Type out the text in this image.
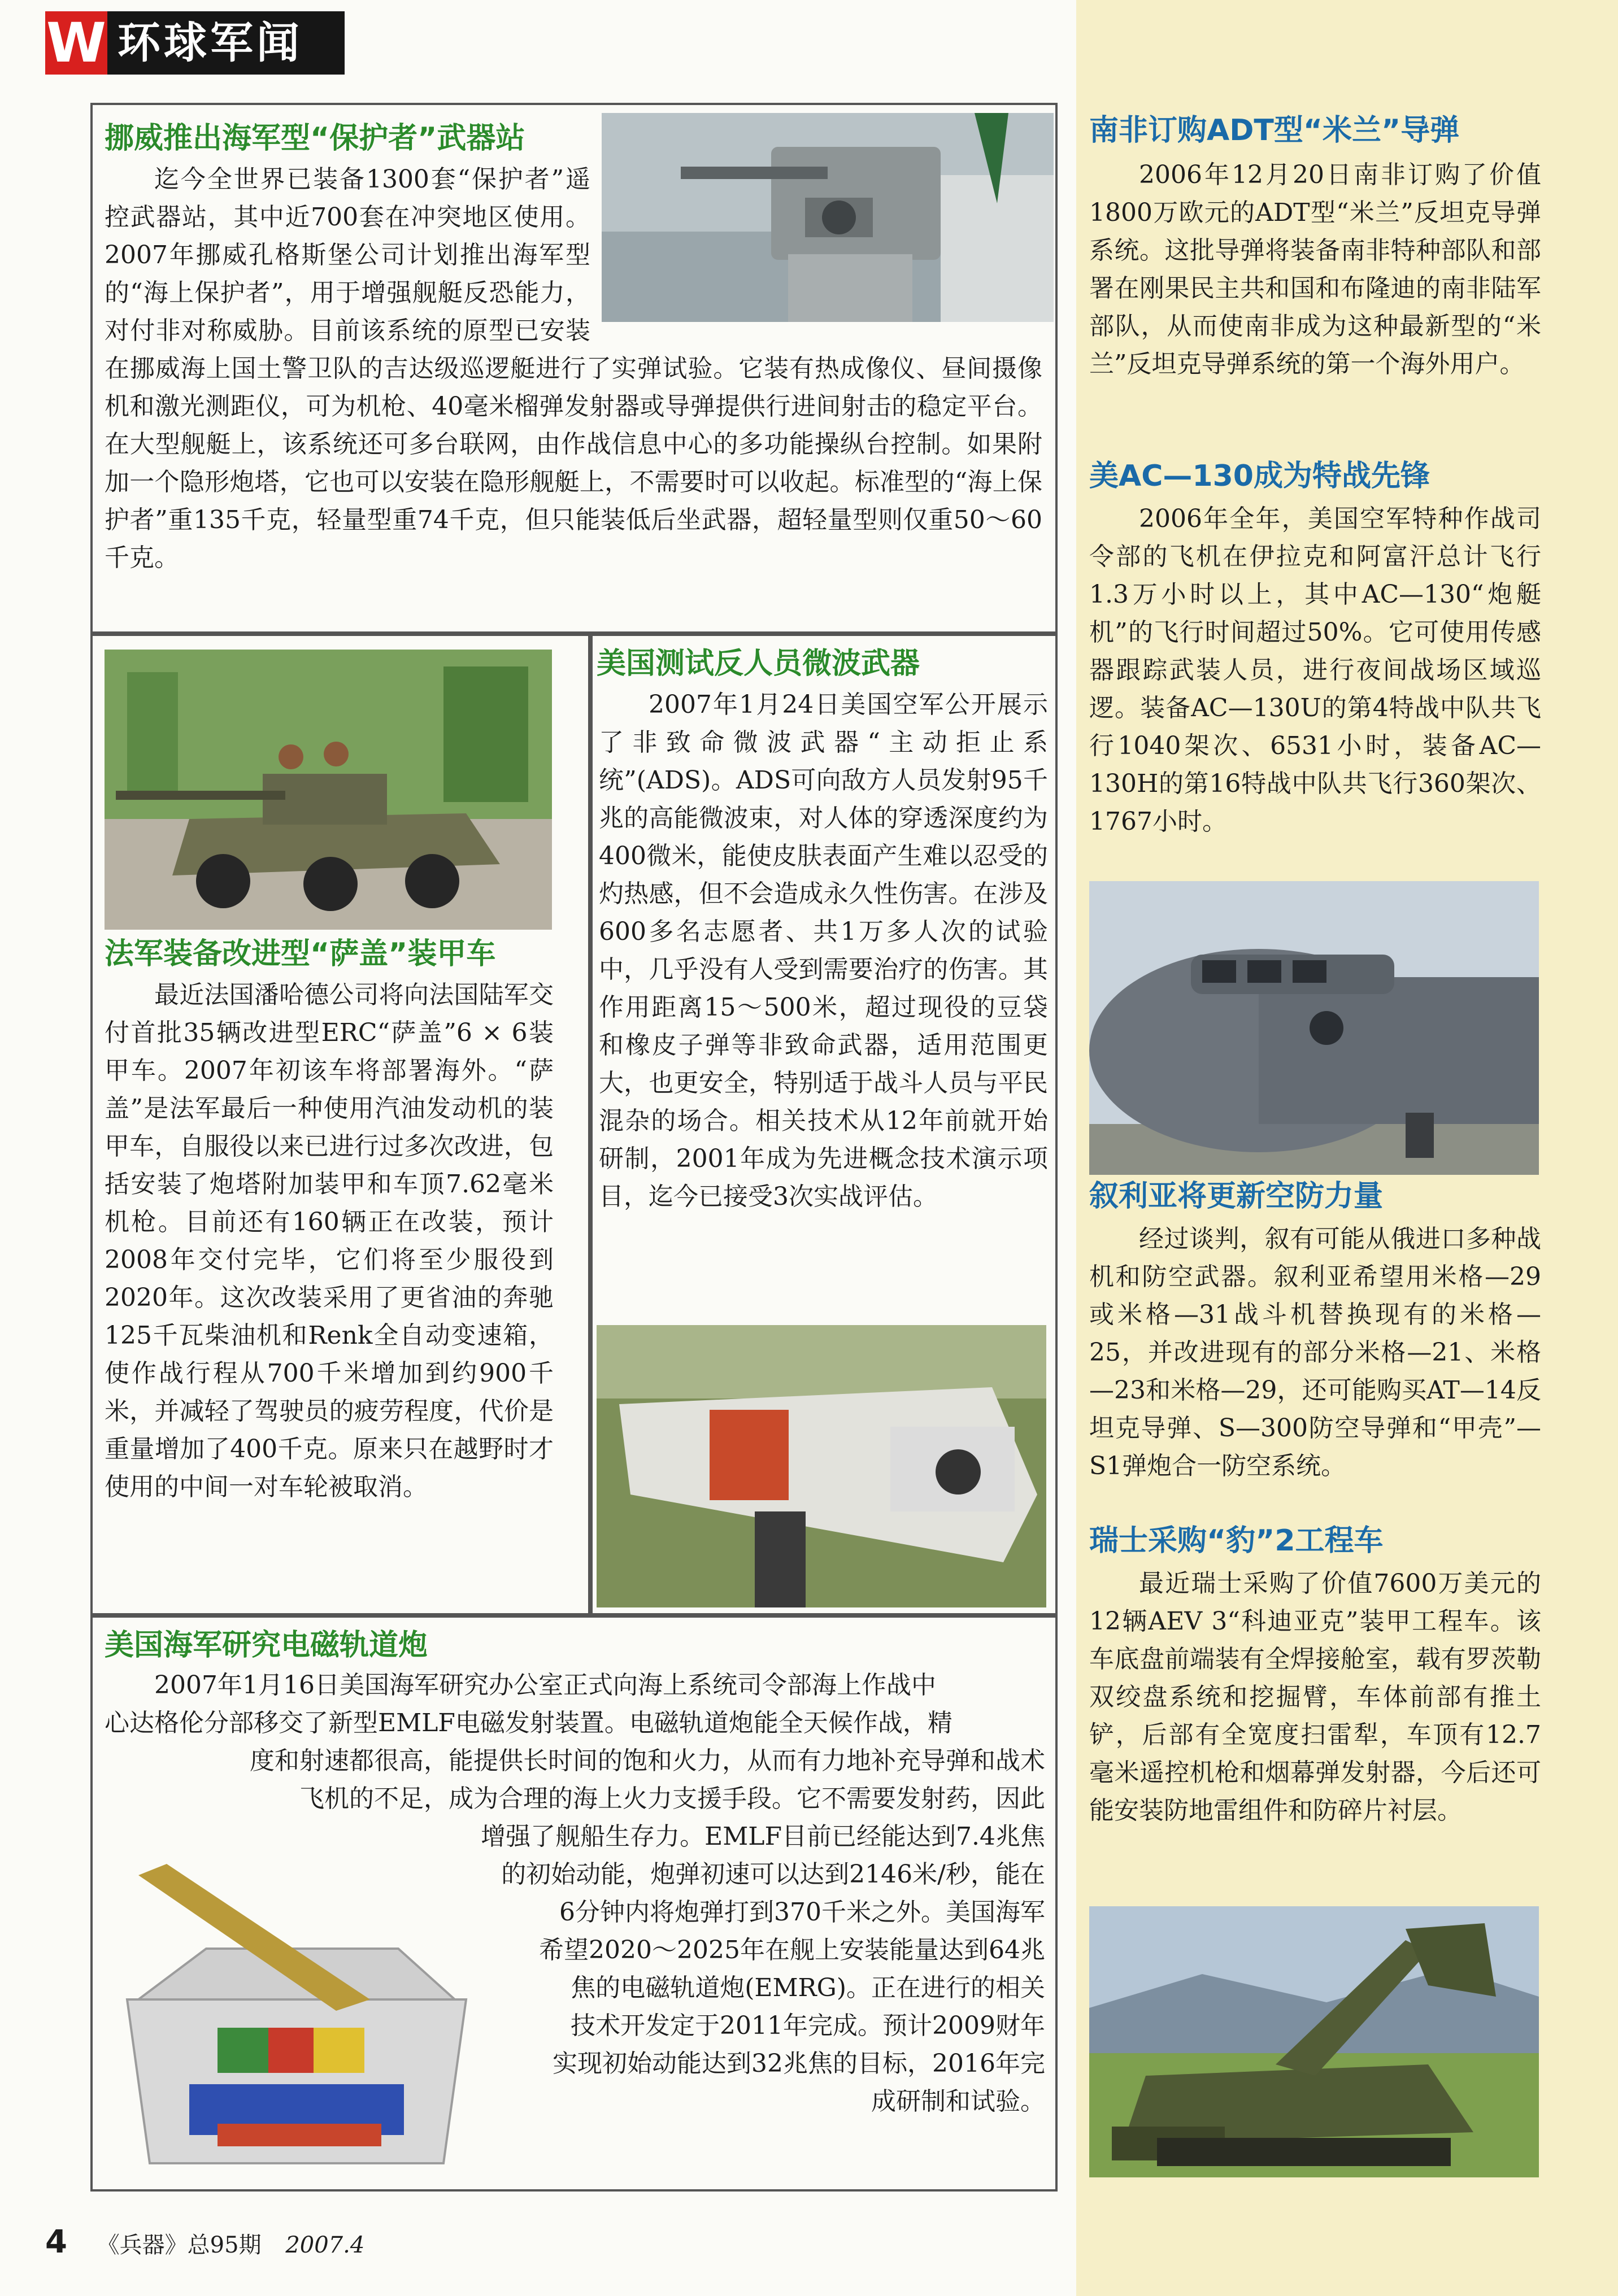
W 环球军闻
挪威推出海军型“保护者”武器站

迄今全世界已装备1300套“保护者”遥控武器站，其中近700套在冲突地区使用。2007年挪威孔格斯堡公司计划推出海军型的“海上保护者”，用于增强舰艇反恐能力，对付非对称威胁。目前该系统的原型已安装在挪威海上国土警卫队的吉达级巡逻艇进行了实弹试验。它装有热成像仪、昼间摄像机和激光测距仪，可为机枪、40毫米榴弹发射器或导弹提供行进间射击的稳定平台。在大型舰艇上，该系统还可多台联网，由作战信息中心的多功能操纵台控制。如果附加一个隐形炮塔，它也可以安装在隐形舰艇上，不需要时可以收起。标准型的“海上保护者”重135千克，轻量型重74千克，但只能装低后坐武器，超轻量型则仅重50～60千克。

法军装备改进型“萨盖”装甲车

最近法国潘哈德公司将向法国陆军交付首批35辆改进型ERC“萨盖”6 × 6装甲车。2007年初该车将部署海外。“萨盖”是法军最后一种使用汽油发动机的装甲车，自服役以来已进行过多次改进，包括安装了炮塔附加装甲和车顶7.62毫米机枪。目前还有160辆正在改装，预计2008年交付完毕，它们将至少服役到2020年。这次改装采用了更省油的奔驰125千瓦柴油机和Renk全自动变速箱，使作战行程从700千米增加到约900千米，并减轻了驾驶员的疲劳程度，代价是重量增加了400千克。原来只在越野时才使用的中间一对车轮被取消。

美国测试反人员微波武器

2007年1月24日美国空军公开展示了非致命微波武器“主动拒止系统”(ADS)。ADS可向敌方人员发射95千兆的高能微波束，对人体的穿透深度约为400微米，能使皮肤表面产生难以忍受的灼热感，但不会造成永久性伤害。在涉及600多名志愿者、共1万多人次的试验中，几乎没有人受到需要治疗的伤害。其作用距离15～500米，超过现役的豆袋和橡皮子弹等非致命武器，适用范围更大，也更安全，特别适于战斗人员与平民混杂的场合。相关技术从12年前就开始研制，2001年成为先进概念技术演示项目，迄今已接受3次实战评估。

美国海军研究电磁轨道炮
2007年1月16日美国海军研究办公室正式向海上系统司令部海上作战中
心达格伦分部移交了新型EMLF电磁发射装置。电磁轨道炮能全天候作战，精
度和射速都很高，能提供长时间的饱和火力，从而有力地补充导弹和战术
飞机的不足，成为合理的海上火力支援手段。它不需要发射药，因此
增强了舰船生存力。EMLF目前已经能达到7.4兆焦
的初始动能，炮弹初速可以达到2146米/秒，能在
6分钟内将炮弹打到370千米之外。美国海军
希望2020～2025年在舰上安装能量达到64兆
焦的电磁轨道炮(EMRG)。正在进行的相关
技术开发定于2011年完成。预计2009财年
实现初始动能达到32兆焦的目标，2016年完
成研制和试验。
南非订购ADT型“米兰”导弹

2006年12月20日南非订购了价值1800万欧元的ADT型“米兰”反坦克导弹系统。这批导弹将装备南非特种部队和部署在刚果民主共和国和布隆迪的南非陆军部队，从而使南非成为这种最新型的“米兰”反坦克导弹系统的第一个海外用户。

美AC—130成为特战先锋

2006年全年，美国空军特种作战司令部的飞机在伊拉克和阿富汗总计飞行1.3万小时以上，其中AC—130“炮艇机”的飞行时间超过50%。它可使用传感器跟踪武装人员，进行夜间战场区域巡逻。装备AC—130U的第4特战中队共飞行1040架次、6531小时，装备AC—130H的第16特战中队共飞行360架次、1767小时。

叙利亚将更新空防力量

经过谈判，叙有可能从俄进口多种战机和防空武器。叙利亚希望用米格—29或米格—31战斗机替换现有的米格—25，并改进现有的部分米格—21、米格—23和米格—29，还可能购买AT—14反坦克导弹、S—300防空导弹和“甲壳”—S1弹炮合一防空系统。

瑞士采购“豹”2工程车

最近瑞士采购了价值7600万美元的12辆AEV 3“科迪亚克”装甲工程车。该车底盘前端装有全焊接舱室，载有罗茨勒双绞盘系统和挖掘臂，车体前部有推土铲，后部有全宽度扫雷犁，车顶有12.7毫米遥控机枪和烟幕弹发射器，今后还可能安装防地雷组件和防碎片衬层。

4 《兵器》总95期 2007.4
